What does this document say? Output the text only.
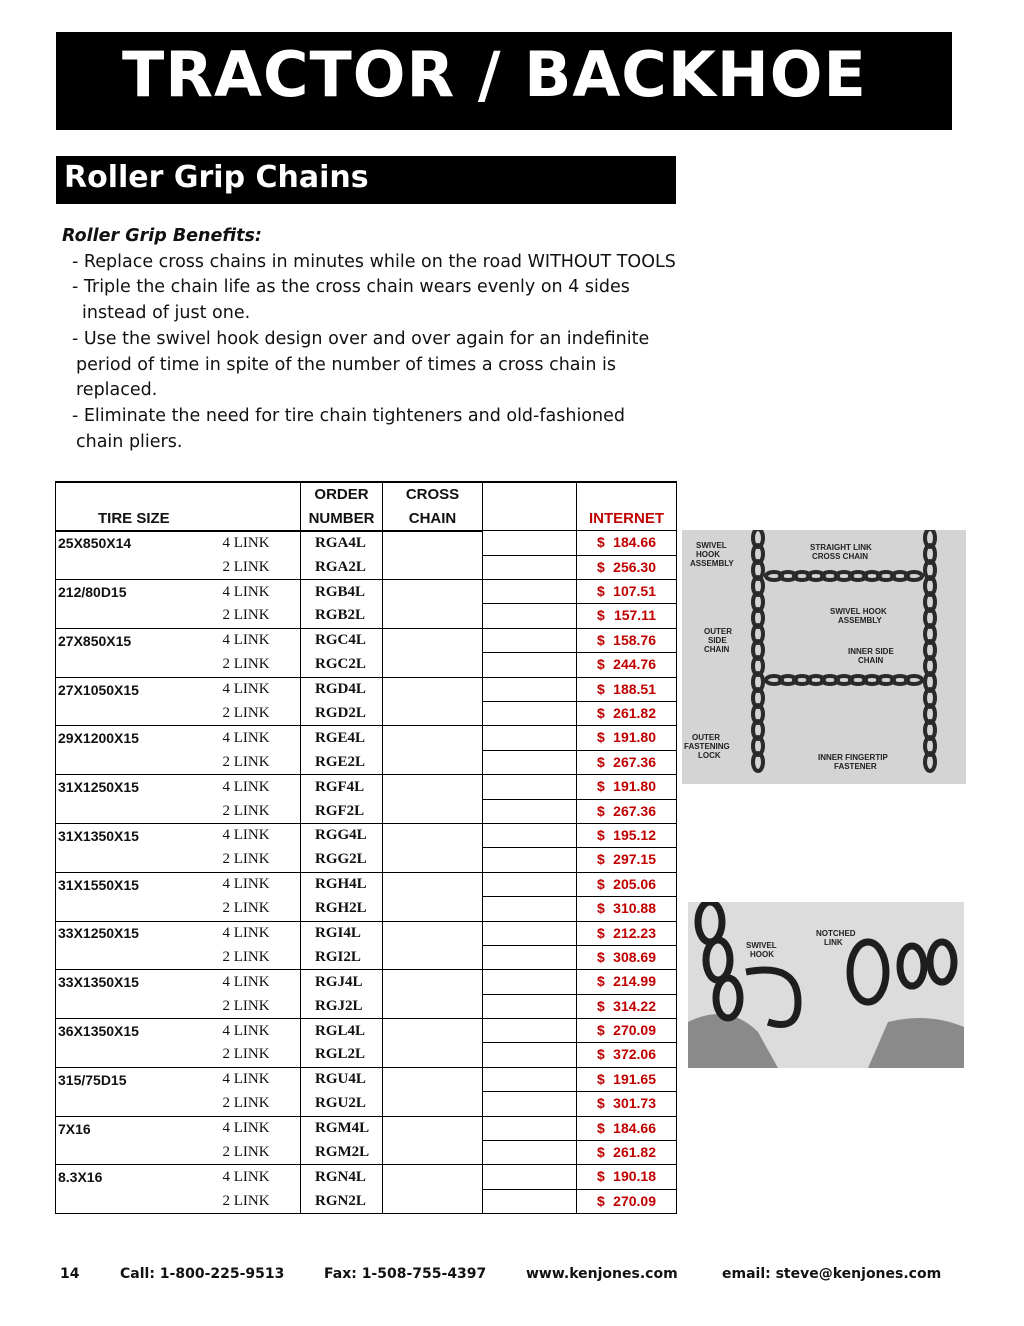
TRACTOR / BACKHOE
Roller Grip Chains
Roller Grip Benefits:
- Replace cross chains in minutes while on the road WITHOUT TOOLS
- Triple the chain life as the cross chain wears evenly on 4 sides
instead of just one.
- Use the swivel hook design over and over again for an indefinite
period of time in spite of the number of times a cross chain is
replaced.
- Eliminate the need for tire chain tighteners and old-fashioned
chain pliers.
		ORDER	CROSS		
TIRE SIZE		NUMBER	CHAIN		INTERNET
25X850X14	4 LINK	RGA4L			$ 184.66

	2 LINK	RGA2L			$ 256.30

212/80D15	4 LINK	RGB4L			$ 107.51

	2 LINK	RGB2L			$ 157.11

27X850X15	4 LINK	RGC4L			$ 158.76

	2 LINK	RGC2L			$ 244.76

27X1050X15	4 LINK	RGD4L			$ 188.51

	2 LINK	RGD2L			$ 261.82

29X1200X15	4 LINK	RGE4L			$ 191.80

	2 LINK	RGE2L			$ 267.36

31X1250X15	4 LINK	RGF4L			$ 191.80

	2 LINK	RGF2L			$ 267.36

31X1350X15	4 LINK	RGG4L			$ 195.12

	2 LINK	RGG2L			$ 297.15

31X1550X15	4 LINK	RGH4L			$ 205.06

	2 LINK	RGH2L			$ 310.88

33X1250X15	4 LINK	RGI4L			$ 212.23

	2 LINK	RGI2L			$ 308.69

33X1350X15	4 LINK	RGJ4L			$ 214.99

	2 LINK	RGJ2L			$ 314.22

36X1350X15	4 LINK	RGL4L			$ 270.09

	2 LINK	RGL2L			$ 372.06

315/75D15	4 LINK	RGU4L			$ 191.65

	2 LINK	RGU2L			$ 301.73

7X16	4 LINK	RGM4L			$ 184.66

	2 LINK	RGM2L			$ 261.82

8.3X16	4 LINK	RGN4L			$ 190.18

	2 LINK	RGN2L			$ 270.09
SWIVEL
HOOK
ASSEMBLY
STRAIGHT LINK
CROSS CHAIN
SWIVEL HOOK
ASSEMBLY
OUTER
SIDE
CHAIN	INNER SIDE
CHAIN
OUTER
FASTENING
LOCK	INNER FINGERTIP
FASTENER
SWIVEL
HOOK
NOTCHED
LINK
14	Call: 1-800-225-9513	Fax: 1-508-755-4397	www.kenjones.com	email: steve@kenjones.com
